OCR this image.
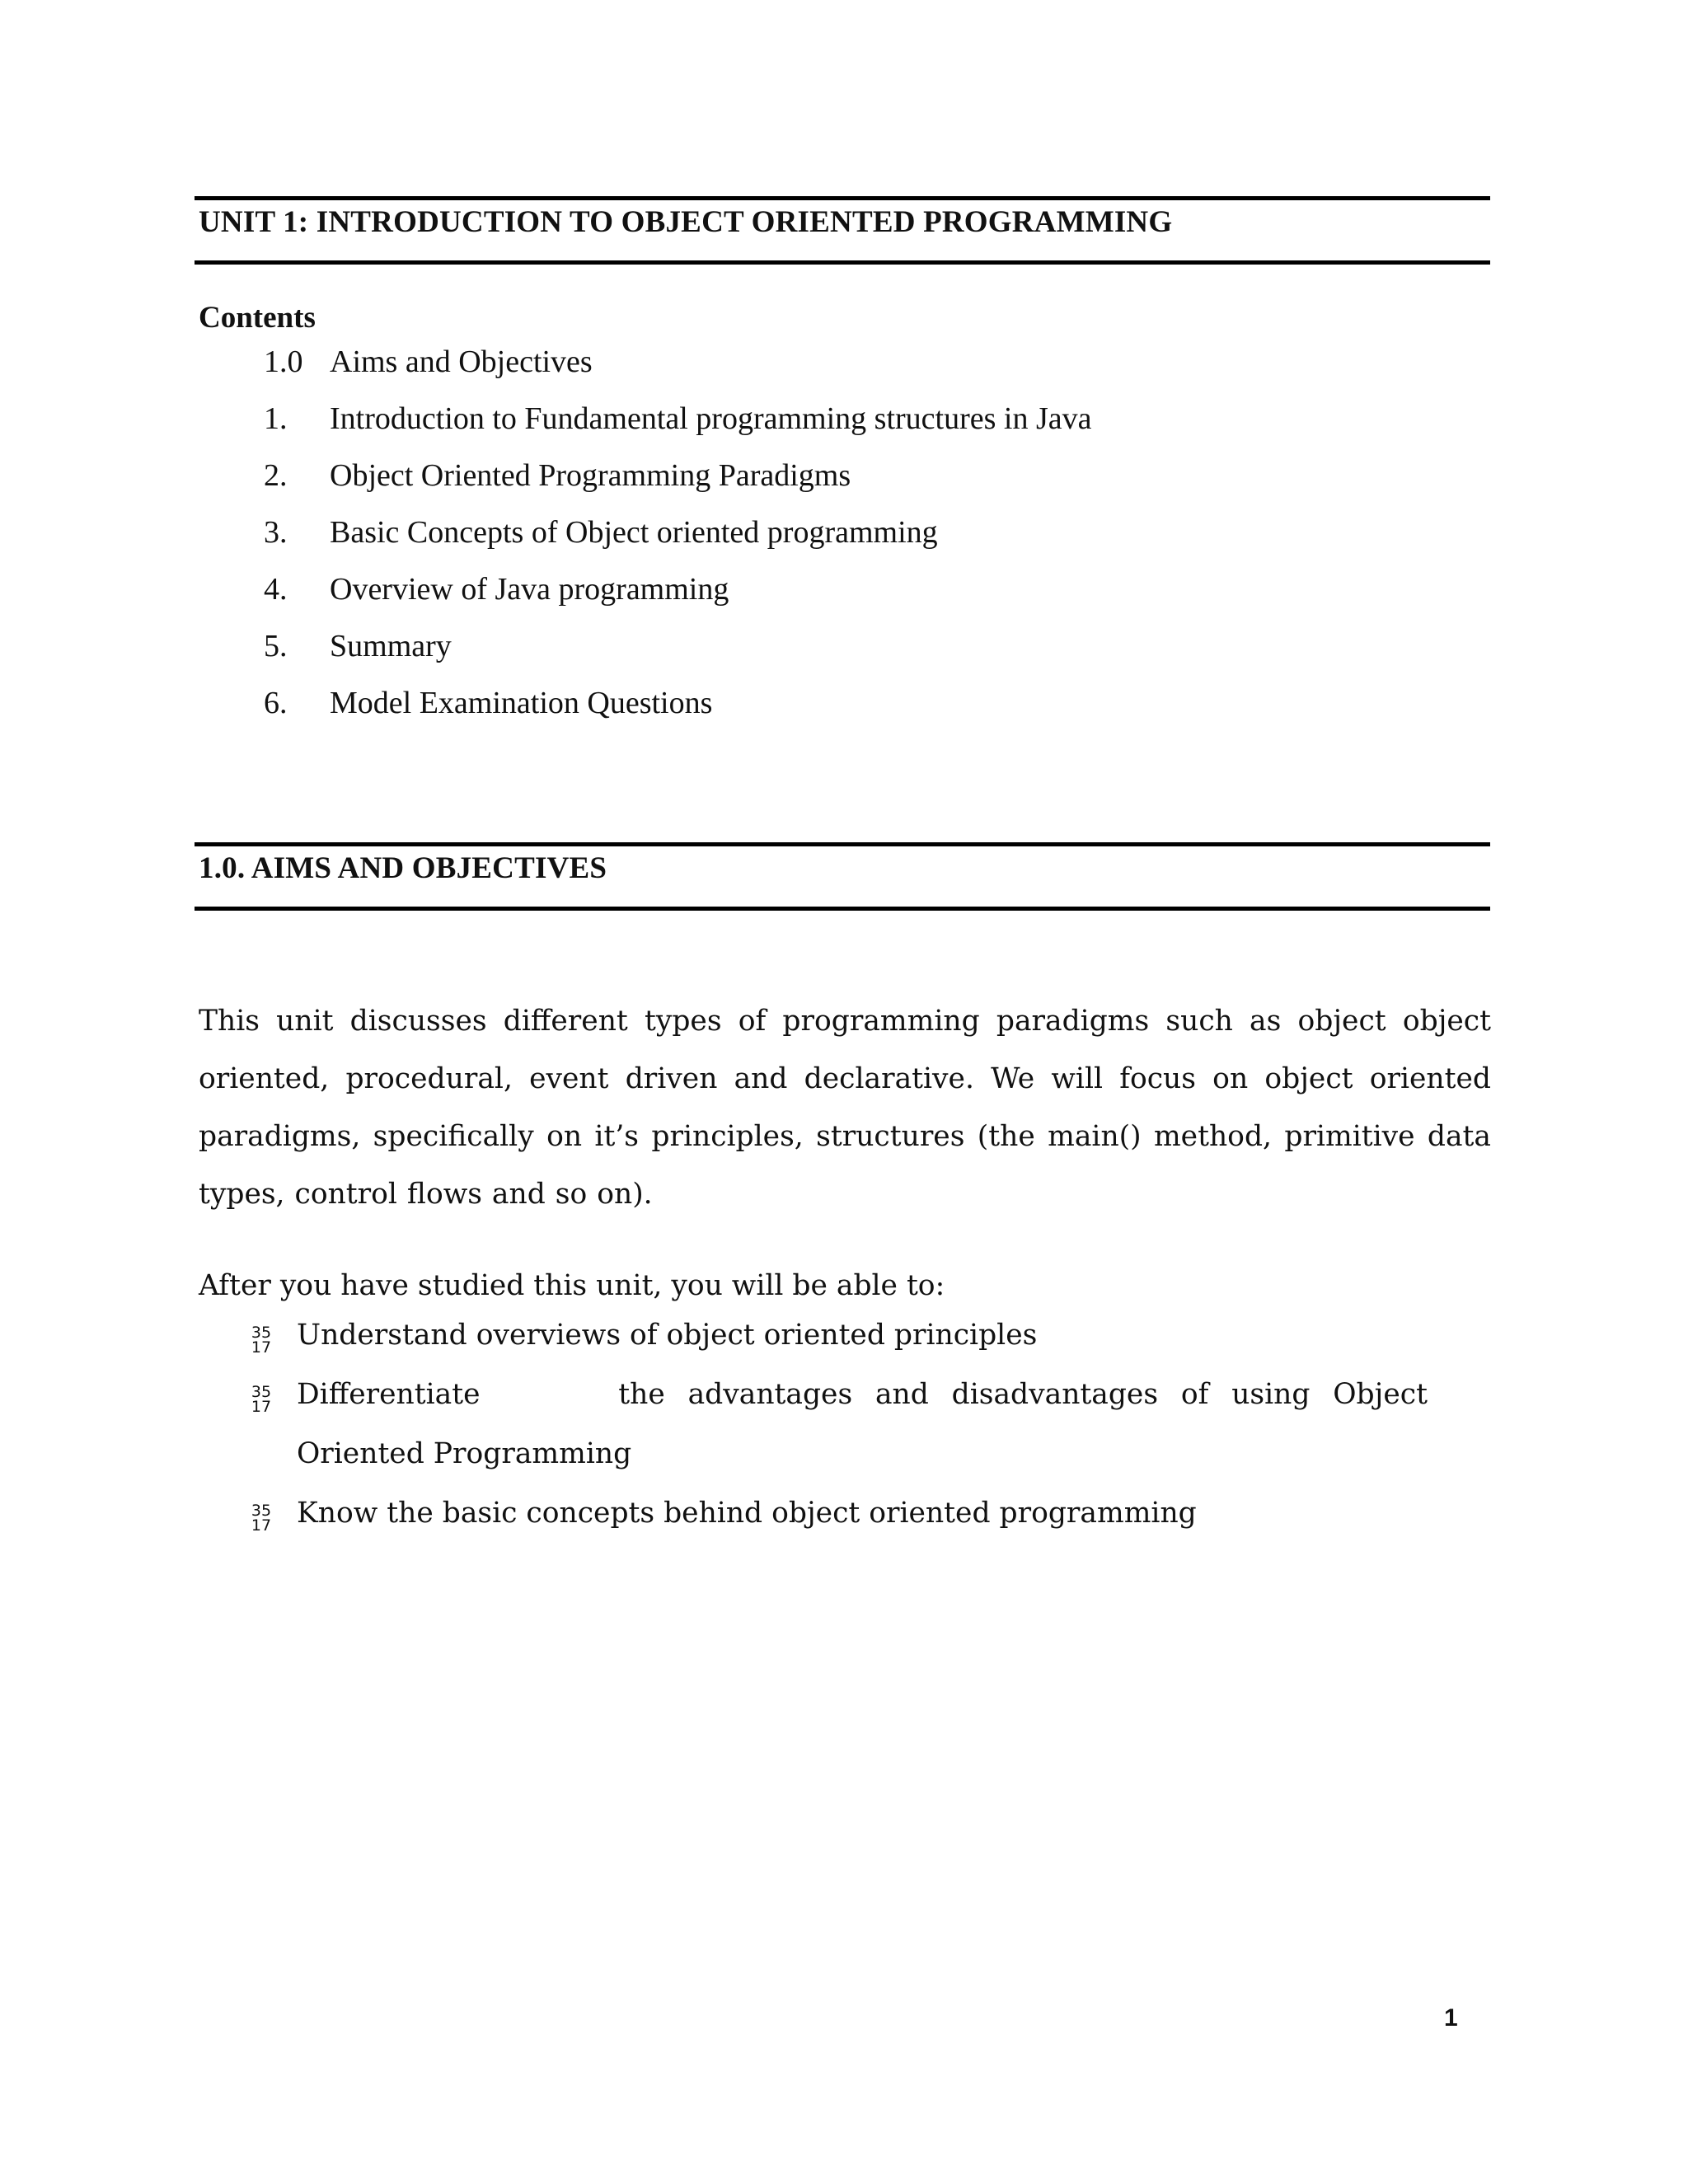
UNIT 1: INTRODUCTION TO OBJECT ORIENTED PROGRAMMING
Contents
1.0 Aims and Objectives
1. Introduction to Fundamental programming structures in Java
2. Object Oriented Programming Paradigms
3. Basic Concepts of Object oriented programming
4. Overview of Java programming
5. Summary
6. Model Examination Questions
1.0. AIMS AND OBJECTIVES

This unit discusses different types of programming paradigms such as object object oriented, procedural, event driven and declarative. We will focus on object oriented paradigms, specifically on it’s principles, structures (the main() method, primitive data types, control flows and so on).

After you have studied this unit, you will be able to:
35
17 Understand overviews of object oriented principles
35
17 Differentiate	the advantages and disadvantages of using Object
Oriented Programming
35
17 Know the basic concepts behind object oriented programming
1
